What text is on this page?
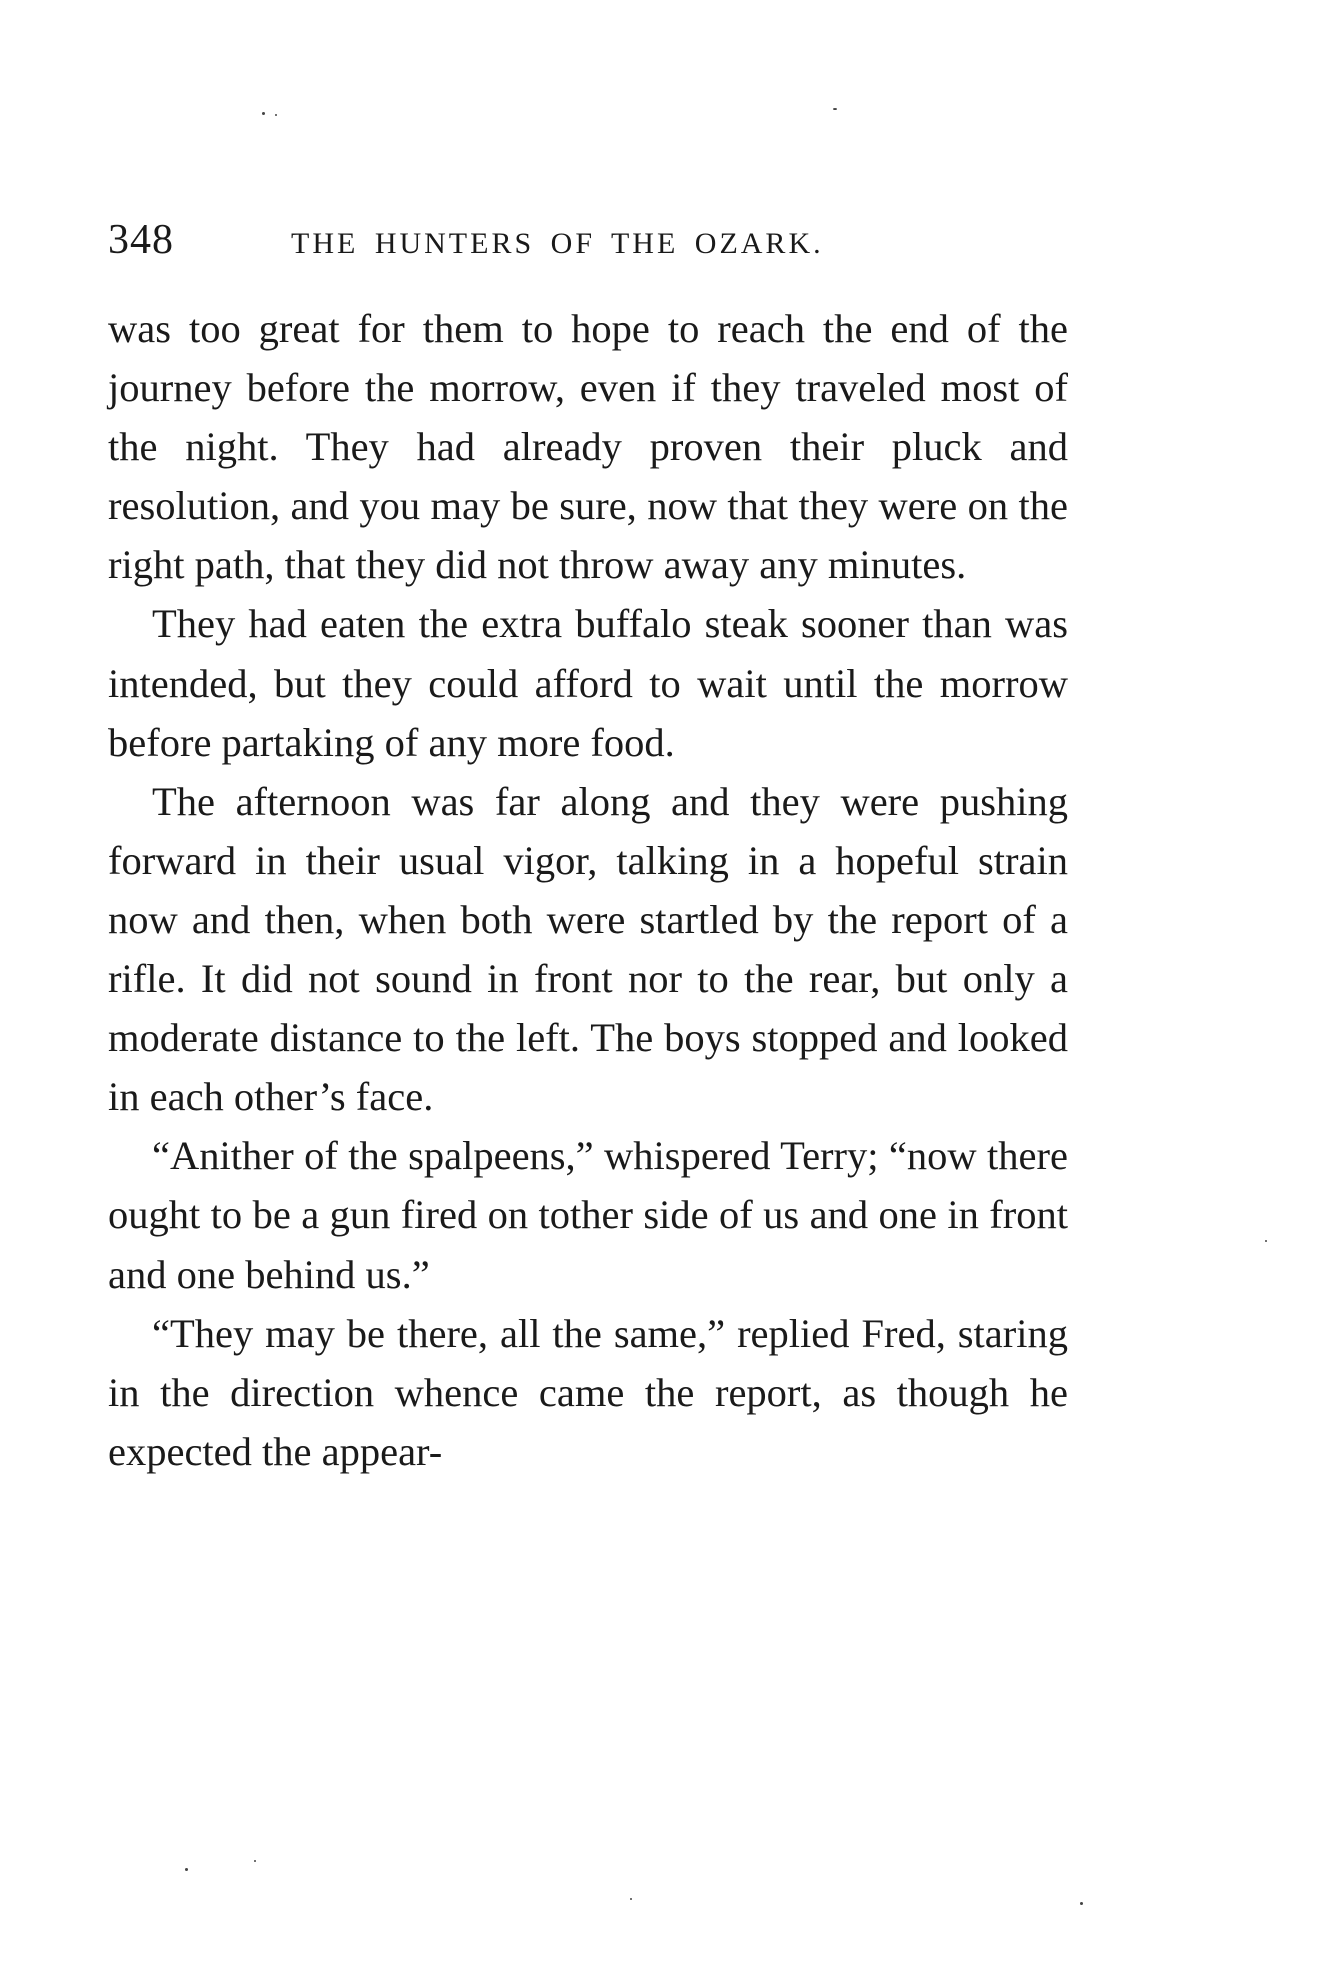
348	THE HUNTERS OF THE OZARK.

was too great for them to hope to reach the end of the journey before the morrow, even if they traveled most of the night. They had already proven their pluck and resolution, and you may be sure, now that they were on the right path, that they did not throw away any minutes.

They had eaten the extra buffalo steak sooner than was intended, but they could afford to wait until the morrow before partaking of any more food.

The afternoon was far along and they were pushing forward in their usual vigor, talking in a hopeful strain now and then, when both were startled by the report of a rifle. It did not sound in front nor to the rear, but only a moderate distance to the left. The boys stopped and looked in each other’s face.

“Anither of the spalpeens,” whispered Terry; “now there ought to be a gun fired on tother side of us and one in front and one behind us.”

“They may be there, all the same,” replied Fred, staring in the direction whence came the report, as though he expected the appear-
